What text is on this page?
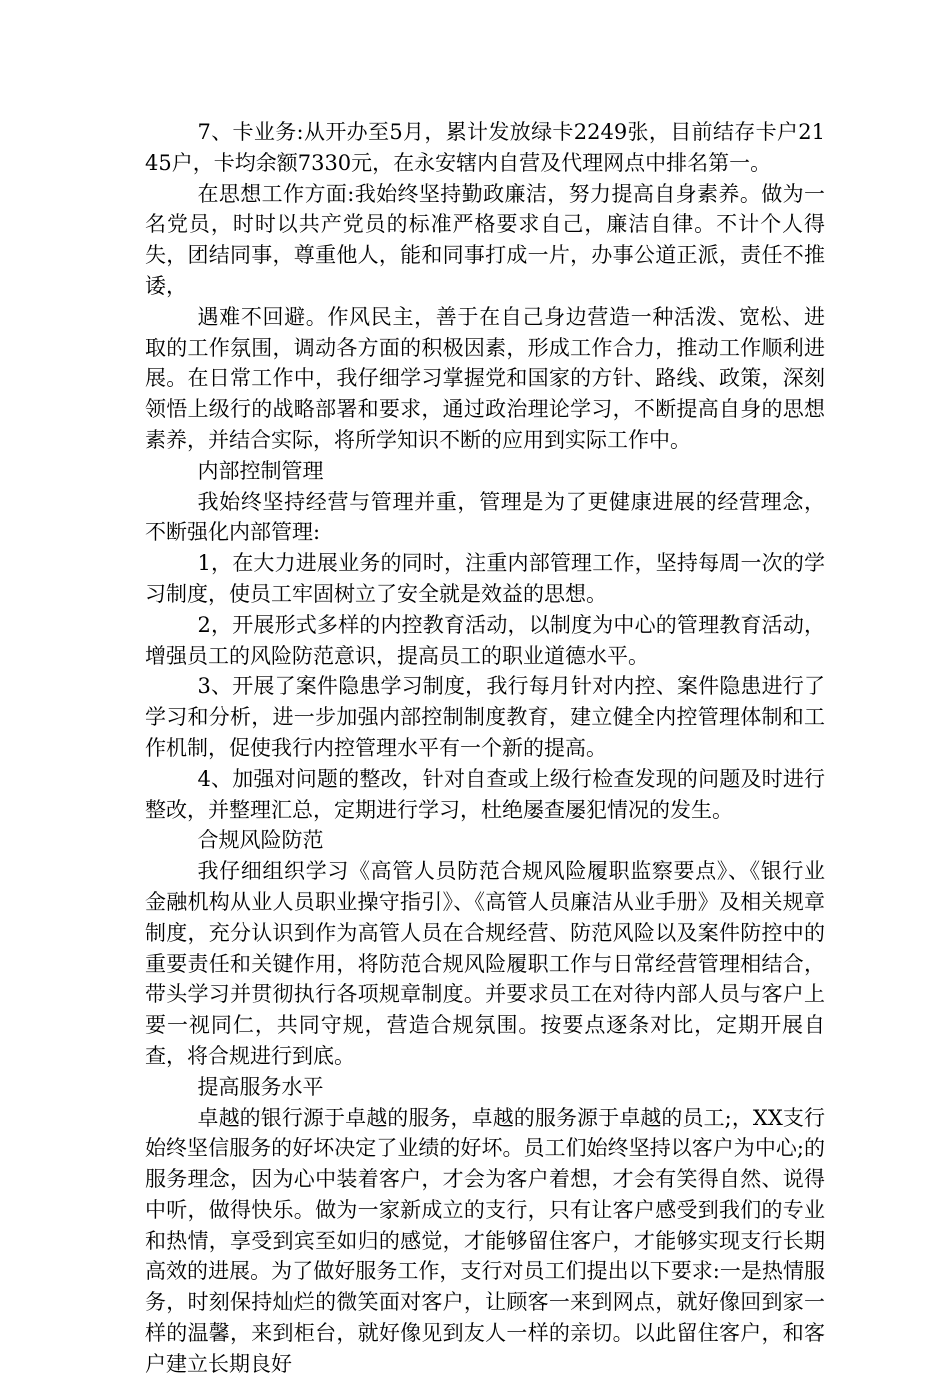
7、卡业务:从开办至5月，累计发放绿卡2249张，目前结存卡户2145户，卡均余额7330元，在永安辖内自营及代理网点中排名第一。

在思想工作方面:我始终坚持勤政廉洁，努力提高自身素养。做为一名党员，时时以共产党员的标准严格要求自己，廉洁自律。不计个人得失，团结同事，尊重他人，能和同事打成一片，办事公道正派，责任不推诿，

遇难不回避。作风民主，善于在自己身边营造一种活泼、宽松、进取的工作氛围，调动各方面的积极因素，形成工作合力，推动工作顺利进展。在日常工作中，我仔细学习掌握党和国家的方针、路线、政策，深刻领悟上级行的战略部署和要求，通过政治理论学习，不断提高自身的思想素养，并结合实际，将所学知识不断的应用到实际工作中。

内部控制管理

我始终坚持经营与管理并重，管理是为了更健康进展的经营理念，不断强化内部管理:

1，在大力进展业务的同时，注重内部管理工作，坚持每周一次的学习制度，使员工牢固树立了安全就是效益的思想。

2，开展形式多样的内控教育活动，以制度为中心的管理教育活动，增强员工的风险防范意识，提高员工的职业道德水平。

3、开展了案件隐患学习制度，我行每月针对内控、案件隐患进行了学习和分析，进一步加强内部控制制度教育，建立健全内控管理体制和工作机制，促使我行内控管理水平有一个新的提高。

4、加强对问题的整改，针对自查或上级行检查发现的问题及时进行整改，并整理汇总，定期进行学习，杜绝屡查屡犯情况的发生。

合规风险防范

我仔细组织学习《高管人员防范合规风险履职监察要点》、《银行业金融机构从业人员职业操守指引》、《高管人员廉洁从业手册》及相关规章制度，充分认识到作为高管人员在合规经营、防范风险以及案件防控中的重要责任和关键作用，将防范合规风险履职工作与日常经营管理相结合，带头学习并贯彻执行各项规章制度。并要求员工在对待内部人员与客户上要一视同仁，共同守规，营造合规氛围。按要点逐条对比，定期开展自查，将合规进行到底。

提高服务水平

卓越的银行源于卓越的服务，卓越的服务源于卓越的员工;，XX支行始终坚信服务的好坏决定了业绩的好坏。员工们始终坚持以客户为中心;的服务理念，因为心中装着客户，才会为客户着想，才会有笑得自然、说得中听，做得快乐。做为一家新成立的支行，只有让客户感受到我们的专业和热情，享受到宾至如归的感觉，才能够留住客户，才能够实现支行长期高效的进展。为了做好服务工作，支行对员工们提出以下要求:一是热情服务，时刻保持灿烂的微笑面对客户，让顾客一来到网点，就好像回到家一样的温馨，来到柜台，就好像见到友人一样的亲切。以此留住客户，和客户建立长期良好
